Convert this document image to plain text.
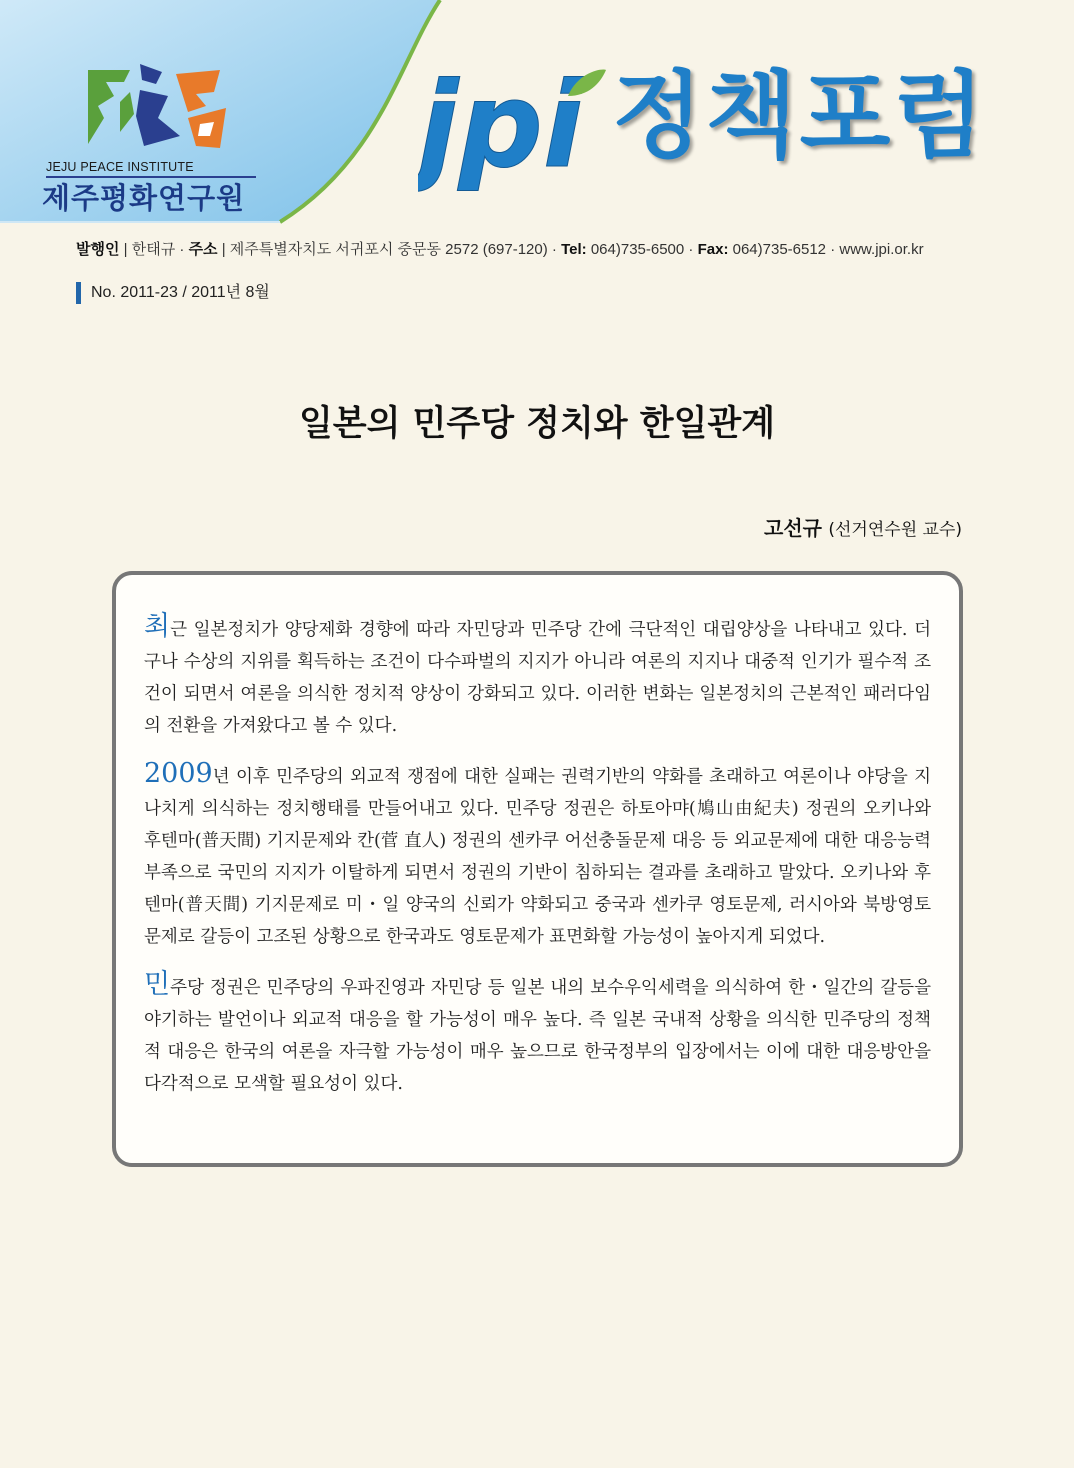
JEJU PEACE INSTITUTE
제주평화연구원
jpi 정책포럼
발행인 | 한태규 · 주소 | 제주특별자치도 서귀포시 중문동 2572 (697-120) · Tel: 064)735-6500 · Fax: 064)735-6512 · www.jpi.or.kr
No. 2011-23 / 2011년 8월
일본의 민주당 정치와 한일관계
고선규 (선거연수원 교수)

최근 일본정치가 양당제화 경향에 따라 자민당과 민주당 간에 극단적인 대립양상을 나타내고 있다. 더구나 수상의 지위를 획득하는 조건이 다수파벌의 지지가 아니라 여론의 지지나 대중적 인기가 필수적 조건이 되면서 여론을 의식한 정치적 양상이 강화되고 있다. 이러한 변화는 일본정치의 근본적인 패러다임의 전환을 가져왔다고 볼 수 있다.

2009년 이후 민주당의 외교적 쟁점에 대한 실패는 권력기반의 약화를 초래하고 여론이나 야당을 지나치게 의식하는 정치행태를 만들어내고 있다. 민주당 정권은 하토아먀(鳩山由紀夫) 정권의 오키나와 후텐마(普天間) 기지문제와 칸(菅 直人) 정권의 센카쿠 어선충돌문제 대응 등 외교문제에 대한 대응능력 부족으로 국민의 지지가 이탈하게 되면서 정권의 기반이 침하되는 결과를 초래하고 말았다. 오키나와 후텐마(普天間) 기지문제로 미・일 양국의 신뢰가 약화되고 중국과 센카쿠 영토문제, 러시아와 북방영토문제로 갈등이 고조된 상황으로 한국과도 영토문제가 표면화할 가능성이 높아지게 되었다.

민주당 정권은 민주당의 우파진영과 자민당 등 일본 내의 보수우익세력을 의식하여 한・일간의 갈등을 야기하는 발언이나 외교적 대응을 할 가능성이 매우 높다. 즉 일본 국내적 상황을 의식한 민주당의 정책적 대응은 한국의 여론을 자극할 가능성이 매우 높으므로 한국정부의 입장에서는 이에 대한 대응방안을 다각적으로 모색할 필요성이 있다.
